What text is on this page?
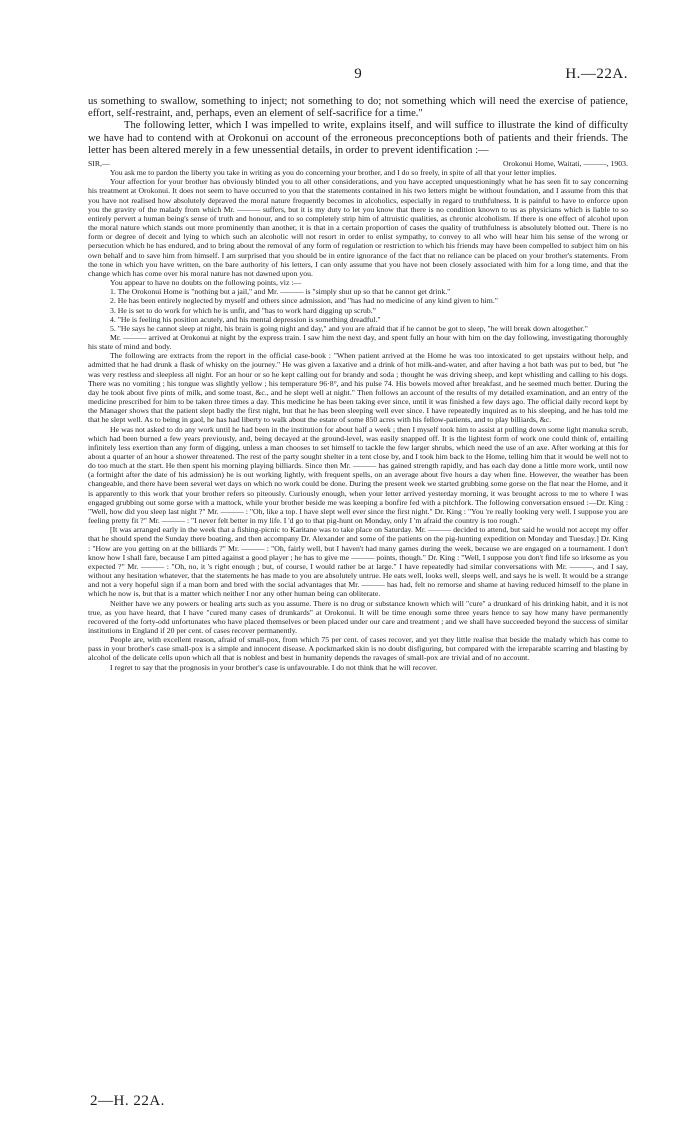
9	H.—22A.

us something to swallow, something to inject; not something to do; not something which will need the exercise of patience, effort, self-restraint, and, perhaps, even an element of self-sacrifice for a time."

The following letter, which I was impelled to write, explains itself, and will suffice to illustrate the kind of difficulty we have had to contend with at Orokonui on account of the erroneous preconceptions both of patients and their friends. The letter has been altered merely in a few unessential details, in order to prevent identification :—

SIR,—	Orokonui Home, Waitati, ———, 1903.

You ask me to pardon the liberty you take in writing as you do concerning your brother, and I do so freely, in spite of all that your letter implies.

Your affection for your brother has obviously blinded you to all other considerations, and you have accepted unquestioningly what he has seen fit to say concerning his treatment at Orokonui. It does not seem to have occurred to you that the statements contained in his two letters might be without foundation, and I assume from this that you have not realised how absolutely depraved the moral nature frequently becomes in alcoholics, especially in regard to truthfulness. It is painful to have to enforce upon you the gravity of the malady from which Mr. ——— suffers, but it is my duty to let you know that there is no condition known to us as physicians which is liable to so entirely pervert a human being's sense of truth and honour, and to so completely strip him of altruistic qualities, as chronic alcoholism. If there is one effect of alcohol upon the moral nature which stands out more prominently than another, it is that in a certain proportion of cases the quality of truthfulness is absolutely blotted out. There is no form or degree of deceit and lying to which such an alcoholic will not resort in order to enlist sympathy, to convey to all who will hear him his sense of the wrong or persecution which he has endured, and to bring about the removal of any form of regulation or restriction to which his friends may have been compelled to subject him on his own behalf and to save him from himself. I am surprised that you should be in entire ignorance of the fact that no reliance can be placed on your brother's statements. From the tone in which you have written, on the bare authority of his letters, I can only assume that you have not been closely associated with him for a long time, and that the change which has come over his moral nature has not dawned upon you.

You appear to have no doubts on the following points, viz :—

1. The Orokonui Home is "nothing but a jail," and Mr. ——— is "simply shut up so that he cannot get drink."

2. He has been entirely neglected by myself and others since admission, and "has had no medicine of any kind given to him."

3. He is set to do work for which he is unfit, and "has to work hard digging up scrub."

4. "He is feeling his position acutely, and his mental depression is something dreadful."

5. "He says he cannot sleep at night, his brain is going night and day," and you are afraid that if he cannot be got to sleep, "he will break down altogether."

Mr. ——— arrived at Orokonui at night by the express train. I saw him the next day, and spent fully an hour with him on the day following, investigating thoroughly his state of mind and body.

The following are extracts from the report in the official case-book : "When patient arrived at the Home he was too intoxicated to get upstairs without help, and admitted that he had drunk a flask of whisky on the journey." He was given a laxative and a drink of hot milk-and-water, and after having a hot bath was put to bed, but "he was very restless and sleepless all night. For an hour or so he kept calling out for brandy and soda ; thought he was driving sheep, and kept whistling and calling to his dogs. There was no vomiting ; his tongue was slightly yellow ; his temperature 96·8°, and his pulse 74. His bowels moved after breakfast, and he seemed much better. During the day he took about five pints of milk, and some toast, &c., and he slept well at night." Then follows an account of the results of my detailed examination, and an entry of the medicine prescribed for him to be taken three times a day. This medicine he has been taking ever since, until it was finished a few days ago. The official daily record kept by the Manager shows that the patient slept badly the first night, but that he has been sleeping well ever since. I have repeatedly inquired as to his sleeping, and he has told me that he slept well. As to being in gaol, he has had liberty to walk about the estate of some 850 acres with his fellow-patients, and to play billiards, &c.

He was not asked to do any work until he had been in the institution for about half a week ; then I myself took him to assist at pulling down some light manuka scrub, which had been burned a few years previously, and, being decayed at the ground-level, was easily snapped off. It is the lightest form of work one could think of, entailing infinitely less exertion than any form of digging, unless a man chooses to set himself to tackle the few larger shrubs, which need the use of an axe. After working at this for about a quarter of an hour a shower threatened. The rest of the party sought shelter in a tent close by, and I took him back to the Home, telling him that it would be well not to do too much at the start. He then spent his morning playing billiards. Since then Mr. ——— has gained strength rapidly, and has each day done a little more work, until now (a fortnight after the date of his admission) he is out working lightly, with frequent spells, on an average about five hours a day when fine. However, the weather has been changeable, and there have been several wet days on which no work could be done. During the present week we started grubbing some gorse on the flat near the Home, and it is apparently to this work that your brother refers so piteously. Curiously enough, when your letter arrived yesterday morning, it was brought across to me to where I was engaged grubbing out some gorse with a mattock, while your brother beside me was keeping a bonfire fed with a pitchfork. The following conversation ensued :—Dr. King : "Well, how did you sleep last night ?" Mr. ——— : "Oh, like a top. I have slept well ever since the first night." Dr. King : "You 're really looking very well. I suppose you are feeling pretty fit ?" Mr. ——— : "I never felt better in my life. I 'd go to that pig-hunt on Monday, only I 'm afraid the country is too rough."

[It was arranged early in the week that a fishing-picnic to Karitane was to take place on Saturday. Mr. ——— decided to attend, but said he would not accept my offer that he should spend the Sunday there boating, and then accompany Dr. Alexander and some of the patients on the pig-hunting expedition on Monday and Tuesday.] Dr. King : "How are you getting on at the billiards ?" Mr. ——— : "Oh, fairly well, but I haven't had many games during the week, because we are engaged on a tournament. I don't know how I shall fare, because I am pitted against a good player ; he has to give me ——— points, though." Dr. King : "Well, I suppose you don't find life so irksome as you expected ?" Mr. ——— : "Oh, no, it 's right enough ; but, of course, I would rather be at large." I have repeatedly had similar conversations with Mr. ———, and I say, without any hesitation whatever, that the statements he has made to you are absolutely untrue. He eats well, looks well, sleeps well, and says he is well. It would be a strange and not a very hopeful sign if a man born and bred with the social advantages that Mr. ——— has had, felt no remorse and shame at having reduced himself to the plane in which he now is, but that is a matter which neither I nor any other human being can obliterate.

Neither have we any powers or healing arts such as you assume. There is no drug or substance known which will "cure" a drunkard of his drinking habit, and it is not true, as you have heard, that I have "cured many cases of drunkards" at Orokonui. It will be time enough some three years hence to say how many have permanently recovered of the forty-odd unfortunates who have placed themselves or been placed under our care and treatment ; and we shall have succeeded beyond the success of similar institutions in England if 20 per cent. of cases recover permanently.

People are, with excellent reason, afraid of small-pox, from which 75 per cent. of cases recover, and yet they little realise that beside the malady which has come to pass in your brother's case small-pox is a simple and innocent disease. A pockmarked skin is no doubt disfiguring, but compared with the irreparable scarring and blasting by alcohol of the delicate cells upon which all that is noblest and best in humanity depends the ravages of small-pox are trivial and of no account.

I regret to say that the prognosis in your brother's case is unfavourable. I do not think that he will recover.

2—H. 22A.
